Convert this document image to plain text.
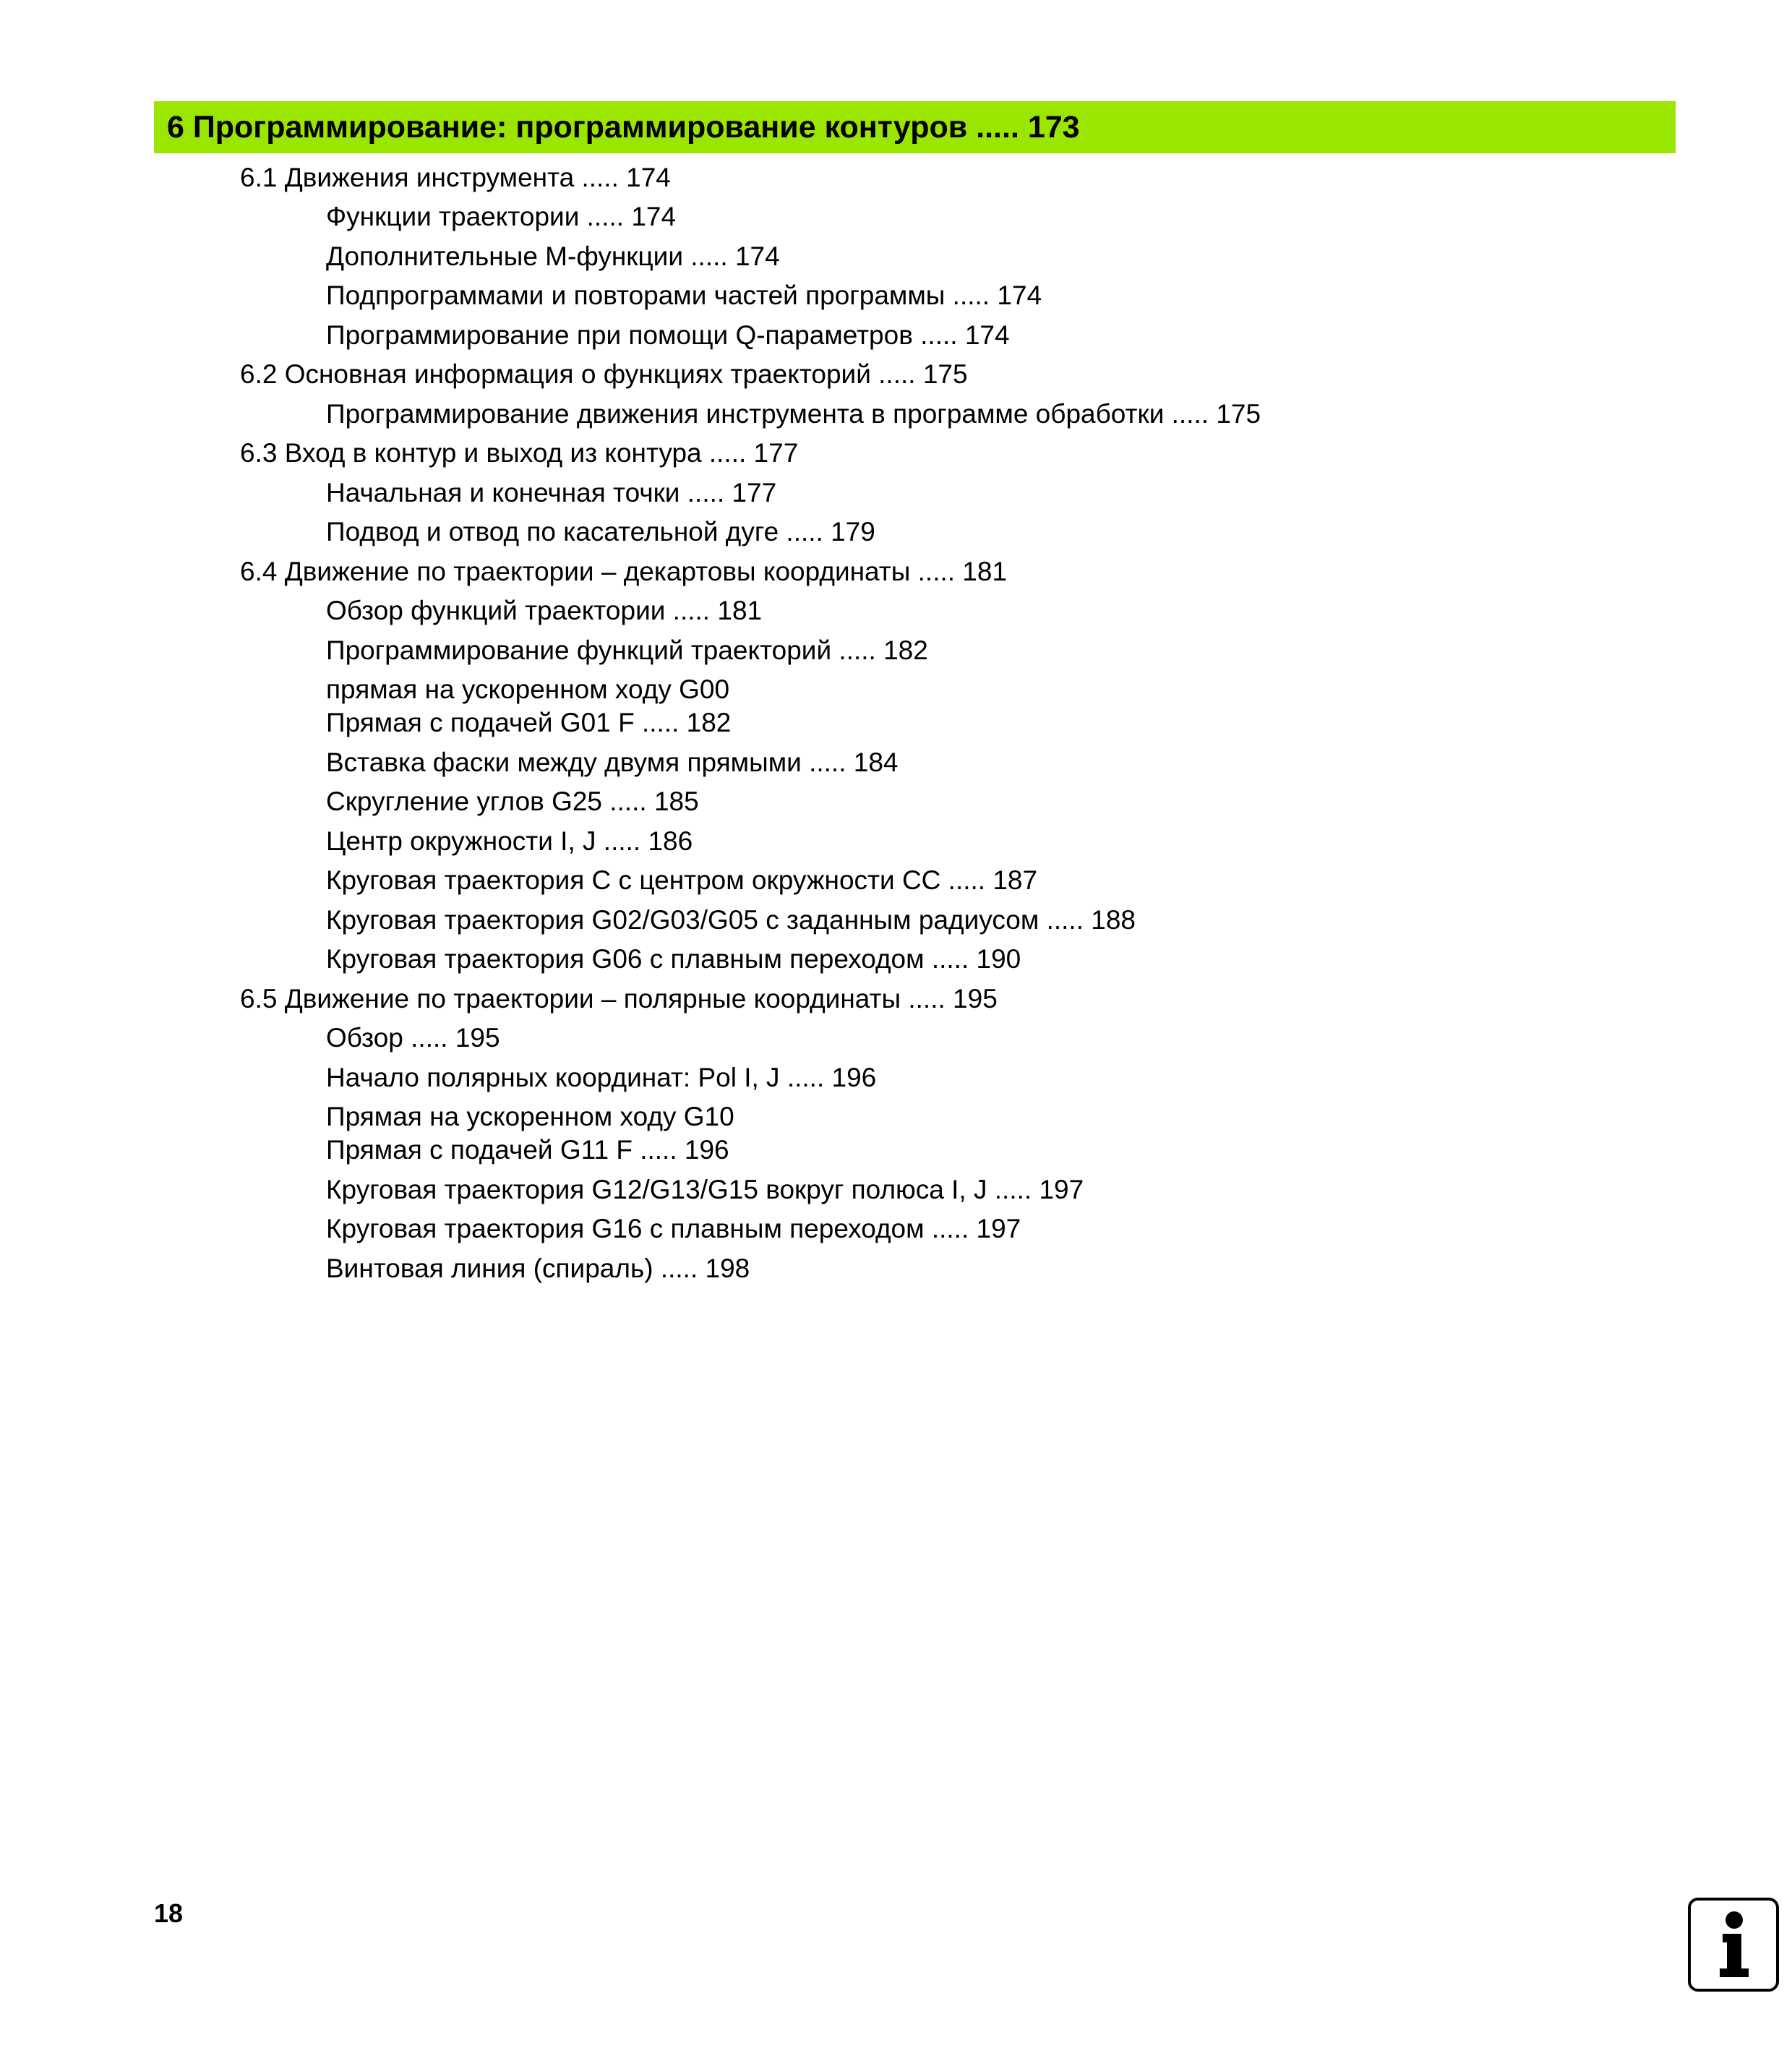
6 Программирование: программирование контуров ..... 173
6.1 Движения инструмента ..... 174
Функции траектории ..... 174
Дополнительные M-функции ..... 174
Подпрограммами и повторами частей программы ..... 174
Программирование при помощи Q-параметров ..... 174
6.2 Основная информация о функциях траекторий ..... 175
Программирование движения инструмента в программе обработки ..... 175
6.3 Вход в контур и выход из контура ..... 177
Начальная и конечная точки ..... 177
Подвод и отвод по касательной дуге ..... 179
6.4 Движение по траектории – декартовы координаты ..... 181
Обзор функций траектории ..... 181
Программирование функций траекторий ..... 182
прямая на ускоренном ходу G00
Прямая с подачей G01 F ..... 182
Вставка фаски между двумя прямыми ..... 184
Скругление углов G25 ..... 185
Центр окружности I, J ..... 186
Круговая траектория C с центром окружности CC ..... 187
Круговая траектория G02/G03/G05 с заданным радиусом ..... 188
Круговая траектория G06 с плавным переходом ..... 190
6.5 Движение по траектории – полярные координаты ..... 195
Обзор ..... 195
Начало полярных координат: Pol I, J ..... 196
Прямая на ускоренном ходу G10
Прямая с подачей G11 F ..... 196
Круговая траектория G12/G13/G15 вокруг полюса I, J ..... 197
Круговая траектория G16 с плавным переходом ..... 197
Винтовая линия (спираль) ..... 198
18
